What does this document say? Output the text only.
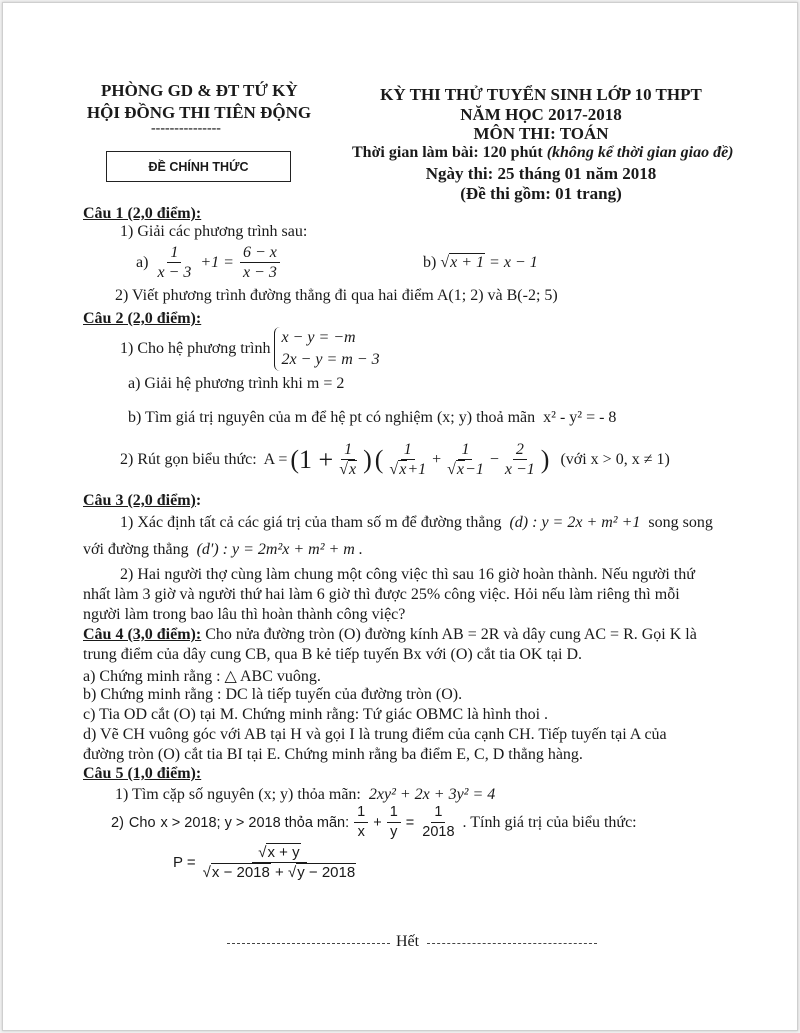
PHÒNG GD & ĐT TỨ KỲ
HỘI ĐỒNG THI TIÊN ĐỘNG
---------------
ĐỀ CHÍNH THỨC
KỲ THI THỬ TUYỂN SINH LỚP 10 THPT
NĂM HỌC 2017-2018
MÔN THI: TOÁN
Thời gian làm bài: 120 phút (không kể thời gian giao đề)
Ngày thi: 25 tháng 01 năm 2018
(Đề thi gồm: 01 trang)
Câu 1 (2,0 điểm):
1) Giải các phương trình sau:
$a) \frac{1}{x - 3} +1 = \frac{6 - x}{x - 3}$	b) √x + 1 = x − 1
2) Viết phương trình đường thẳng đi qua hai điểm A(1; 2) và B(-2; 5)
Câu 2 (2,0 điểm):
1) Cho hệ phương trình
x − y = −m
2x − y = m − 3
a) Giải hệ phương trình khi m = 2
b) Tìm giá trị nguyên của m để hệ pt có nghiệm (x; y) thoả mãn x² - y² = - 8
2) Rút gọn biểu thức: $A = (1 + \frac{1}{√x}$ ) ( $\frac{1}{√x+1} + \frac{1}{√x-1} - \frac{2}{x -1}$ ) (với x > 0, x ≠ 1)
Câu 3 (2,0 điểm):
1) Xác định tất cả các giá trị của tham số m để đường thẳng (d) : y = 2x + m² +1 song song
với đường thẳng (d') : y = 2m²x + m² + m .
2) Hai người thợ cùng làm chung một công việc thì sau 16 giờ hoàn thành. Nếu người thứ
nhất làm 3 giờ và người thứ hai làm 6 giờ thì được 25% công việc. Hỏi nếu làm riêng thì mỗi
người làm trong bao lâu thì hoàn thành công việc?
Câu 4 (3,0 điểm): Cho nửa đường tròn (O) đường kính AB = 2R và dây cung AC = R. Gọi K là
trung điểm của dây cung CB, qua B kẻ tiếp tuyến Bx với (O) cắt tia OK tại D.
a) Chứng minh rằng : △ ABC vuông.
b) Chứng minh rằng : DC là tiếp tuyến của đường tròn (O).
c) Tia OD cắt (O) tại M. Chứng minh rằng: Tứ giác OBMC là hình thoi .
d) Vẽ CH vuông góc với AB tại H và gọi I là trung điểm của cạnh CH. Tiếp tuyến tại A của
đường tròn (O) cắt tia BI tại E. Chứng minh rằng ba điểm E, C, D thẳng hàng.
Câu 5 (1,0 điểm):
1) Tìm cặp số nguyên (x; y) thỏa mãn: 2xy² + 2x + 3y² = 4
2) Cho x > 2018; y > 2018 thỏa mãn: $\frac{1}{x} + \frac{1}{y} = \frac{1}{2018}$ . Tính giá trị của biểu thức:
$P = \frac{√x + y}{√x - 2018 + √y - 2018}$
Hết
